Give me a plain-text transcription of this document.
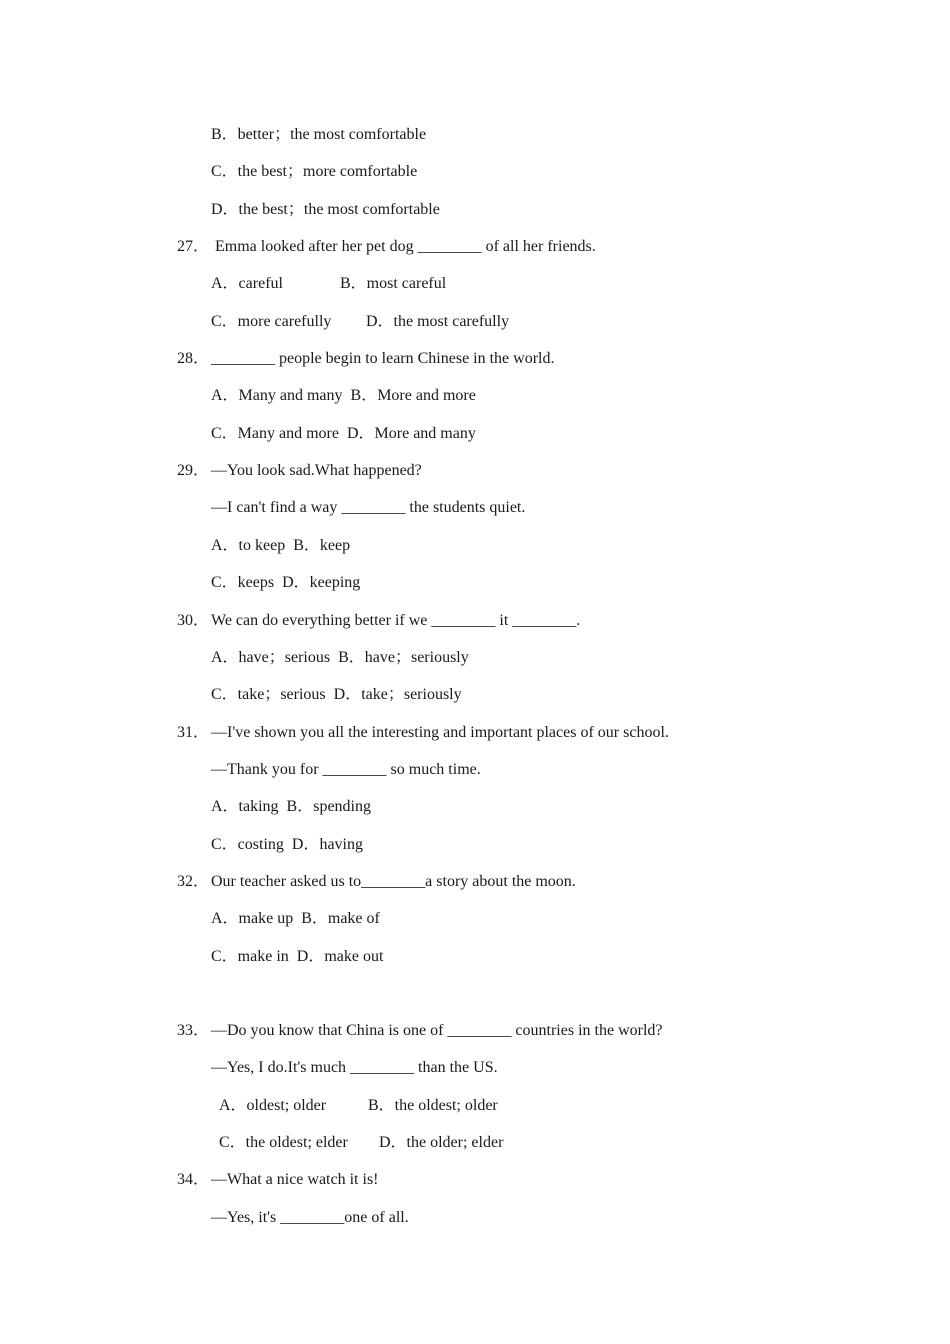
B．better；the most comfortable
C．the best；more comfortable
D．the best；the most comfortable
27． Emma looked after her pet dog ________ of all her friends.
A．careful	B．most careful
C．more carefully D．the most carefully
28． ________ people begin to learn Chinese in the world.
A．Many and many  B．More and more
C．Many and more  D．More and many
29． —You look sad.What happened?
—I can't find a way ________ the students quiet.
A．to keep  B．keep
C．keeps  D．keeping
30． We can do everything better if we ________ it ________.
A．have；serious  B．have；seriously
C．take；serious  D．take；seriously
31． —I've shown you all the interesting and important places of our school.
—Thank you for ________ so much time.
A．taking  B．spending
C．costing  D．having
32． Our teacher asked us to________a story about the moon.
A．make up  B．make of
C．make in  D．make out
33． —Do you know that China is one of ________ countries in the world?
—Yes, I do.It's much ________ than the US.
A．oldest; older	B．the oldest; older
C．the oldest; elder D．the older; elder
34． —What a nice watch it is!
—Yes, it's ________one of all.
